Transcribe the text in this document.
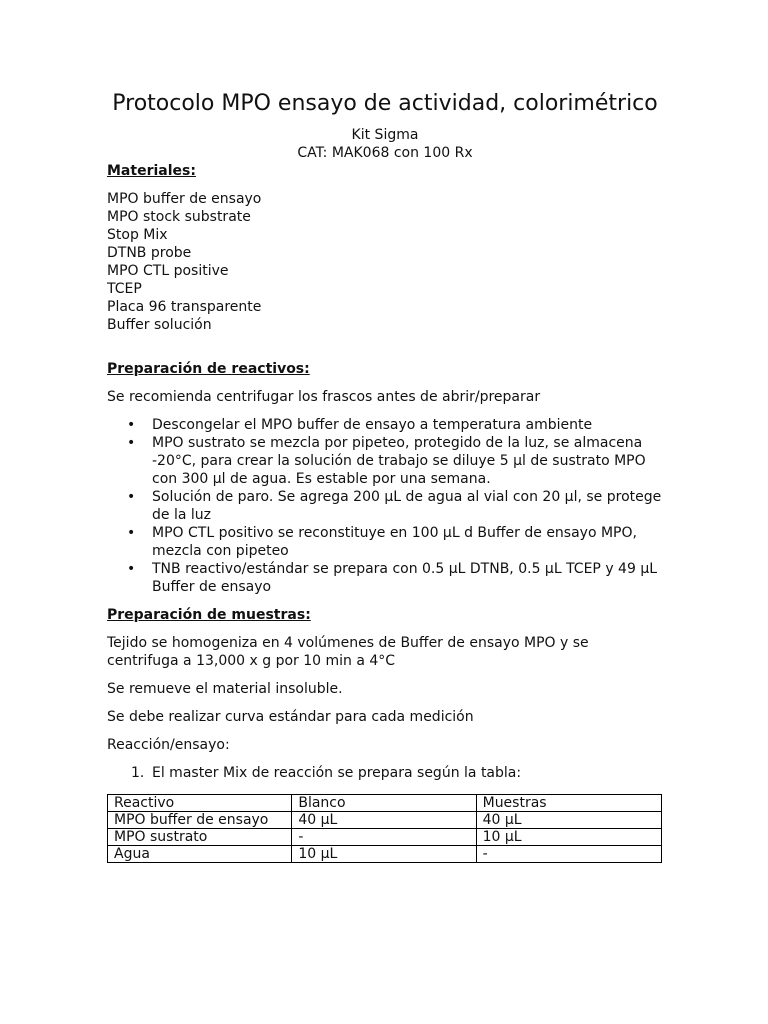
Protocolo MPO ensayo de actividad, colorimétrico

Kit Sigma

CAT: MAK068 con 100 Rx

Materiales:

MPO buffer de ensayo
MPO stock substrate
Stop Mix
DTNB probe
MPO CTL positive
TCEP
Placa 96 transparente
Buffer solución

Preparación de reactivos:

Se recomienda centrifugar los frascos antes de abrir/preparar

• Descongelar el MPO buffer de ensayo a temperatura ambiente
• MPO sustrato se mezcla por pipeteo, protegido de la luz, se almacena -20°C, para crear la solución de trabajo se diluye 5 µl de sustrato MPO con 300 µl de agua. Es estable por una semana.
• Solución de paro. Se agrega 200 µL de agua al vial con 20 µl, se protege de la luz
• MPO CTL positivo se reconstituye en 100 µL d Buffer de ensayo MPO, mezcla con pipeteo
• TNB reactivo/estándar se prepara con 0.5 µL DTNB, 0.5 µL TCEP y 49 µL Buffer de ensayo

Preparación de muestras:

Tejido se homogeniza en 4 volúmenes de Buffer de ensayo MPO y se centrifuga a 13,000 x g por 10 min a 4°C

Se remueve el material insoluble.

Se debe realizar curva estándar para cada medición

Reacción/ensayo:

1. El master Mix de reacción se prepara según la tabla:
Reactivo	Blanco	Muestras
MPO buffer de ensayo	40 µL	40 µL
MPO sustrato	-	10 µL
Agua	10 µL	-
